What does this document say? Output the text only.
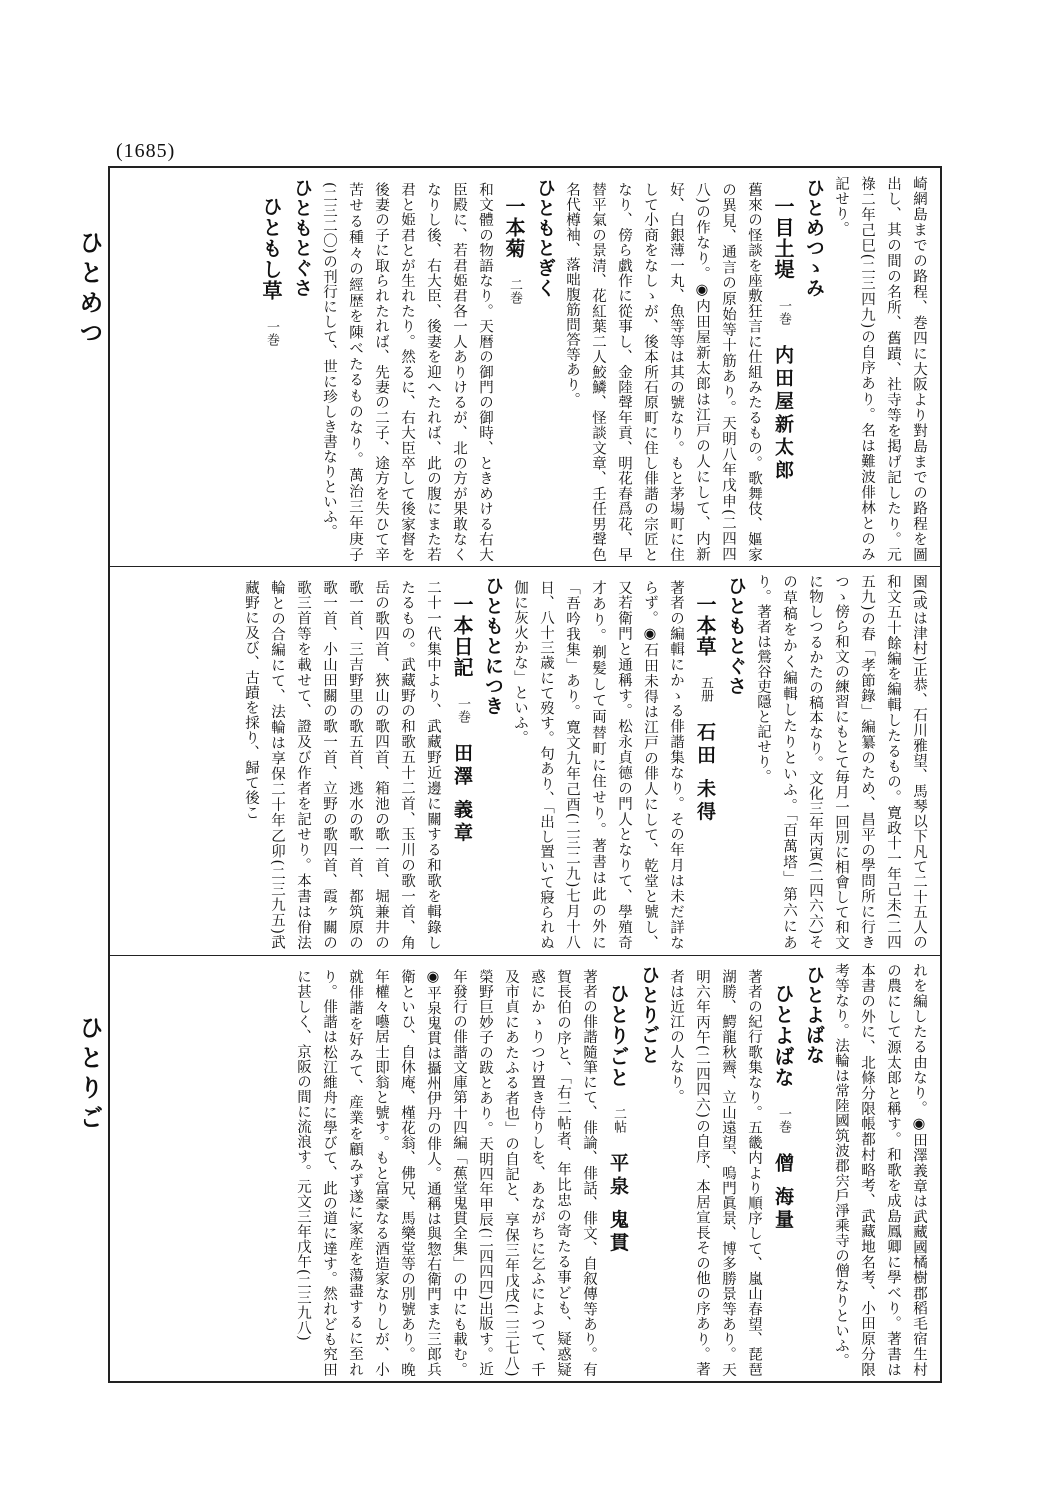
(1685)
ひとめつ
ひとりご
崎網島までの路程、巻四に大阪より對島までの路程を圖出し、其の間の名所、舊蹟、社寺等を掲げ記したり。元祿二年己巳(二三四九)の自序あり。名は難波俳林とのみ記せり。
ひとめつゝみ
一目土堤 一巻 内田屋新太郎
舊來の怪談を座敷狂言に仕組みたるもの。歌舞伎、嫗家の異見、通言の原始等十筋あり。天明八年戊申(二四四八)の作なり。◉内田屋新太郎は江戸の人にして、内新好、白銀薄一丸、魚等等は其の號なり。もと茅場町に住して小商をなしゝが、後本所石原町に住し俳諧の宗匠となり、傍ら戯作に從事し、金陸聲年貢、明花春爲花、早替平氣の景清、花紅葉二人鮫鱗、怪談文章、壬任男聲色名代樽袖、落咄腹筋問答等あり。
ひともとぎく
一本菊 二巻
和文體の物語なり。天暦の御門の御時、ときめける右大臣殿に、若君姫君各一人ありけるが、北の方が果敢なくなりし後、右大臣、後妻を迎へたれば、此の腹にまた若君と姫君とが生れたり。然るに、右大臣卒して後家督を後妻の子に取られたれば、先妻の二子、途方を失ひて辛苦せる種々の經歴を陳べたるものなり。萬治三年庚子(二三二〇)の刊行にして、世に珍しき書なりといふ。
ひともとぐさ
ひともし草 一巻
園(或は津村)正恭、石川雅望、馬琴以下凡て二十五人の和文五十餘編を編輯したるもの。寛政十一年己未(二四五九)の春「孝節錄」編纂のため、昌平の學問所に行きつゝ傍ら和文の練習にもとて毎月一回別に相會して和文に物しつるかたの稿本なり。文化三年丙寅(二四六六)その草稿をかく編輯したりといふ。「百萬塔」第六にあり。著者は鶯谷吏隱と記せり。
ひともとぐさ
一本草 五册 石田 未得
著者の編輯にかゝる俳諧集なり。その年月は未だ詳ならず。◉石田未得は江戸の俳人にして、乾堂と號し、又若衛門と通稱す。松永貞德の門人となりて、學殖奇才あり。剃髪して両替町に住せり。著書は此の外に「吾吟我集」あり。寛文九年己酉(二三二九)七月十八日、八十三歳にて歿す。句あり、「出し置いて寢られぬ伽に灰火かな」といふ。
ひともとにつき
一本日記 一巻 田澤 義章
二十一代集中より、武藏野近邊に關する和歌を輯錄したるもの。武藏野の和歌五十二首、玉川の歌一首、角岳の歌四首、狹山の歌四首、箱池の歌一首、堀兼井の歌一首、三吉野里の歌五首、逃水の歌一首、都筑原の歌一首、小山田關の歌一首、立野の歌四首、霞ヶ關の歌三首等を載せて、證及び作者を記せり。本書は佾法輪との合編にて、法輪は享保二十年乙卯(二三九五)武藏野に及び、古蹟を採り、歸て後こ
れを編したる由なり。◉田澤義章は武藏國橘樹郡稻毛宿生村の農にして源太郎と稱す。和歌を成島鳳卿に學べり。著書は本書の外に、北條分限帳都村略考、武藏地名考、小田原分限考等なり。法輪は常陸國筑波郡宍戶淨乘寺の僧なりといふ。
ひとよばな
ひとよばな 一巻 僧 海量
著者の紀行歌集なり。五畿内より順序して、嵐山春望、琵琶湖勝、鰐龍秋霽、立山遠望、嗚門眞景、博多勝景等あり。天明六年丙午(二四四六)の自序、本居宣長その他の序あり。著者は近江の人なり。
ひとりごと
ひとりごと 二帖 平泉 鬼貫
著者の俳諧隨筆にて、俳論、俳話、俳文、自叙傳等あり。有賀長伯の序と、「右二帖者、年比忠の寄たる事ども、疑惑疑惑にかゝりつけ置き侍りしを、あながちに乞ふによつて、千及市貞にあたふる者也」の自記と、享保三年戊戌(二三七八)榮野巨妙子の跋とあり。天明四年甲辰(二四四四)出版す。近年發行の俳諧文庫第十四編「蕉堂鬼貫全集」の中にも載む。◉平泉鬼貫は攝州伊丹の俳人。通稱は與惣右衛門また三郎兵衛といひ、自休庵、槿花翁、佛兄、馬樂堂等の別號あり。晚年權々囈居士即翁と號す。もと富豪なる酒造家なりしが、小就俳諧を好みて、産業を顧みず遂に家産を蕩盡するに至れり。俳諧は松江維舟に學びて、此の道に達す。然れども究田に甚しく、京阪の間に流浪す。元文三年戊午(二三九八)
